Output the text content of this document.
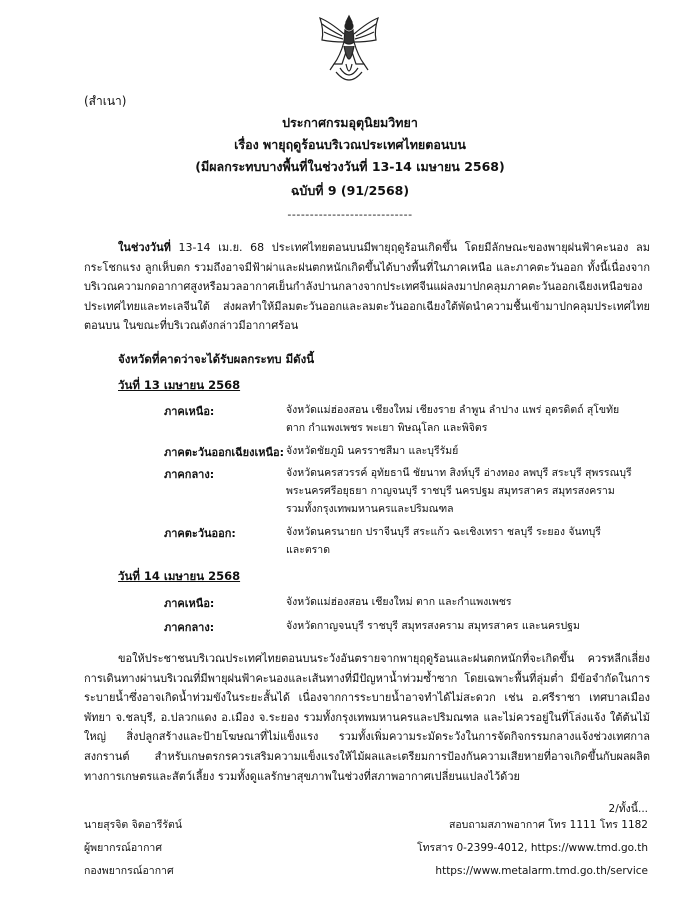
(สำเนา)
ประกาศกรมอุตุนิยมวิทยา
เรื่อง พายุฤดูร้อนบริเวณประเทศไทยตอนบน
(มีผลกระทบบางพื้นที่ในช่วงวันที่ 13-14 เมษายน 2568)
ฉบับที่ 9 (91/2568)
----------------------------
ในช่วงวันที่ 13-14 เม.ย. 68 ประเทศไทยตอนบนมีพายุฤดูร้อนเกิดขึ้น โดยมีลักษณะของพายุฝนฟ้าคะนอง ลมกระโชกแรง ลูกเห็บตก รวมถึงอาจมีฟ้าผ่าและฝนตกหนักเกิดขึ้นได้บางพื้นที่ในภาคเหนือ และภาคตะวันออก ทั้งนี้เนื่องจากบริเวณความกดอากาศสูงหรือมวลอากาศเย็นกำลังปานกลางจากประเทศจีนแผ่ลงมาปกคลุมภาคตะวันออกเฉียงเหนือของประเทศไทยและทะเลจีนใต้ ส่งผลทำให้มีลมตะวันออกและลมตะวันออกเฉียงใต้พัดนำความชื้นเข้ามาปกคลุมประเทศไทยตอนบน ในขณะที่บริเวณดังกล่าวมีอากาศร้อน
จังหวัดที่คาดว่าจะได้รับผลกระทบ มีดังนี้
วันที่ 13 เมษายน 2568
ภาคเหนือ:	จังหวัดแม่ฮ่องสอน เชียงใหม่ เชียงราย ลำพูน ลำปาง แพร่ อุตรดิตถ์ สุโขทัย
ตาก กำแพงเพชร พะเยา พิษณุโลก และพิจิตร
ภาคตะวันออกเฉียงเหนือ: จังหวัดชัยภูมิ นครราชสีมา และบุรีรัมย์
ภาคกลาง:	จังหวัดนครสวรรค์ อุทัยธานี ชัยนาท สิงห์บุรี อ่างทอง ลพบุรี สระบุรี สุพรรณบุรี
พระนครศรีอยุธยา กาญจนบุรี ราชบุรี นครปฐม สมุทรสาคร สมุทรสงคราม
รวมทั้งกรุงเทพมหานครและปริมณฑล
ภาคตะวันออก:	จังหวัดนครนายก ปราจีนบุรี สระแก้ว ฉะเชิงเทรา ชลบุรี ระยอง จันทบุรี
และตราด
วันที่ 14 เมษายน 2568
ภาคเหนือ:	จังหวัดแม่ฮ่องสอน เชียงใหม่ ตาก และกำแพงเพชร
ภาคกลาง:	จังหวัดกาญจนบุรี ราชบุรี สมุทรสงคราม สมุทรสาคร และนครปฐม
ขอให้ประชาชนบริเวณประเทศไทยตอนบนระวังอันตรายจากพายุฤดูร้อนและฝนตกหนักที่จะเกิดขึ้น ควรหลีกเลี่ยงการเดินทางผ่านบริเวณที่มีพายุฝนฟ้าคะนองและเส้นทางที่มีปัญหาน้ำท่วมซ้ำซาก โดยเฉพาะพื้นที่ลุ่มต่ำ มีข้อจำกัดในการระบายน้ำซึ่งอาจเกิดน้ำท่วมขังในระยะสั้นได้ เนื่องจากการระบายน้ำอาจทำได้ไม่สะดวก เช่น อ.ศรีราชา เทศบาลเมืองพัทยา จ.ชลบุรี, อ.ปลวกแดง อ.เมือง จ.ระยอง รวมทั้งกรุงเทพมหานครและปริมณฑล และไม่ควรอยู่ในที่โล่งแจ้ง ใต้ต้นไม้ใหญ่ สิ่งปลูกสร้างและป้ายโฆษณาที่ไม่แข็งแรง รวมทั้งเพิ่มความระมัดระวังในการจัดกิจกรรมกลางแจ้งช่วงเทศกาลสงกรานต์ สำหรับเกษตรกรควรเสริมความแข็งแรงให้ไม้ผลและเตรียมการป้องกันความเสียหายที่อาจเกิดขึ้นกับผลผลิตทางการเกษตรและสัตว์เลี้ยง รวมทั้งดูแลรักษาสุขภาพในช่วงที่สภาพอากาศเปลี่ยนแปลงไว้ด้วย
2/ทั้งนี้...
นายสุรจิต จิตอารีรัตน์
ผู้พยากรณ์อากาศ
กองพยากรณ์อากาศ
สอบถามสภาพอากาศ โทร 1111 โทร 1182
โทรสาร 0-2399-4012, https://www.tmd.go.th
https://www.metalarm.tmd.go.th/service
